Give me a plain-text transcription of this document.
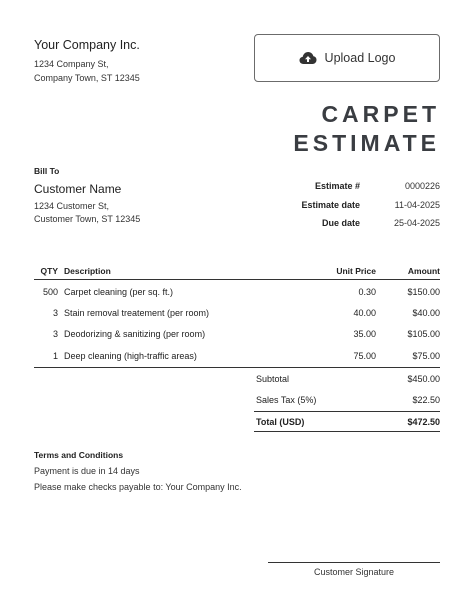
Your Company Inc.
1234 Company St,
Company Town, ST 12345
Upload Logo
CARPET
ESTIMATE
Bill To
Customer Name
1234 Customer St,
Customer Town, ST 12345
Estimate #	0000226
Estimate date	11-04-2025
Due date	25-04-2025
QTY Description	Unit Price	Amount
500 Carpet cleaning (per sq. ft.)	0.30	$150.00
3 Stain removal treatement (per room)	40.00	$40.00
3 Deodorizing & sanitizing (per room)	35.00	$105.00
1 Deep cleaning (high-traffic areas)	75.00	$75.00
Subtotal	$450.00
Sales Tax (5%)	$22.50
Total (USD)	$472.50
Terms and Conditions
Payment is due in 14 days
Please make checks payable to: Your Company Inc.
Customer Signature
